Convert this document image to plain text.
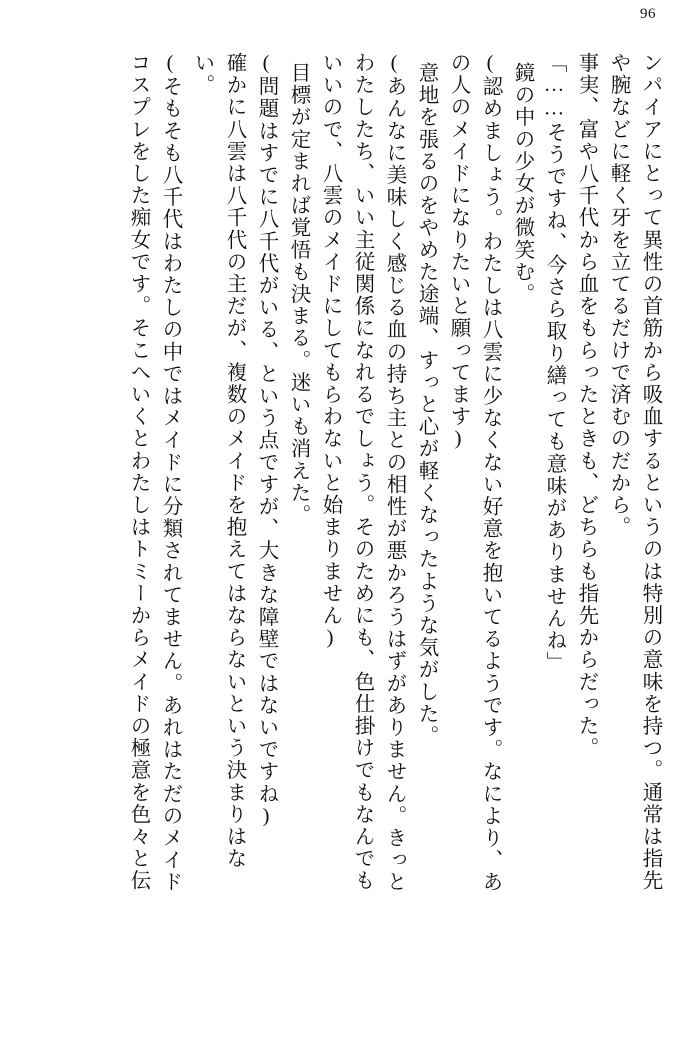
96
ンパイアにとって異性の首筋から吸血するというのは特別の意味を持つ。通常は指先
や腕などに軽く牙を立てるだけで済むのだから。
事実、富や八千代から血をもらったときも、どちらも指先からだった。
「……そうですね、今さら取り繕っても意味がありませんね」
鏡の中の少女が微笑む。
(認めましょう。わたしは八雲に少なくない好意を抱いてるようです。なにより、あ
の人のメイドになりたいと願ってます)
意地を張るのをやめた途端、すっと心が軽くなったような気がした。
(あんなに美味しく感じる血の持ち主との相性が悪かろうはずがありません。きっと
わたしたち、いい主従関係になれるでしょう。そのためにも、色仕掛けでもなんでも
いいので、八雲のメイドにしてもらわないと始まりません)
目標が定まれば覚悟も決まる。迷いも消えた。
(問題はすでに八千代がいる、という点ですが、大きな障壁ではないですね)
確かに八雲は八千代の主だが、複数のメイドを抱えてはならないという決まりはな
い。
(そもそも八千代はわたしの中ではメイドに分類されてません。あれはただのメイド
コスプレをした痴女です。そこへいくとわたしはトミーからメイドの極意を色々と伝
